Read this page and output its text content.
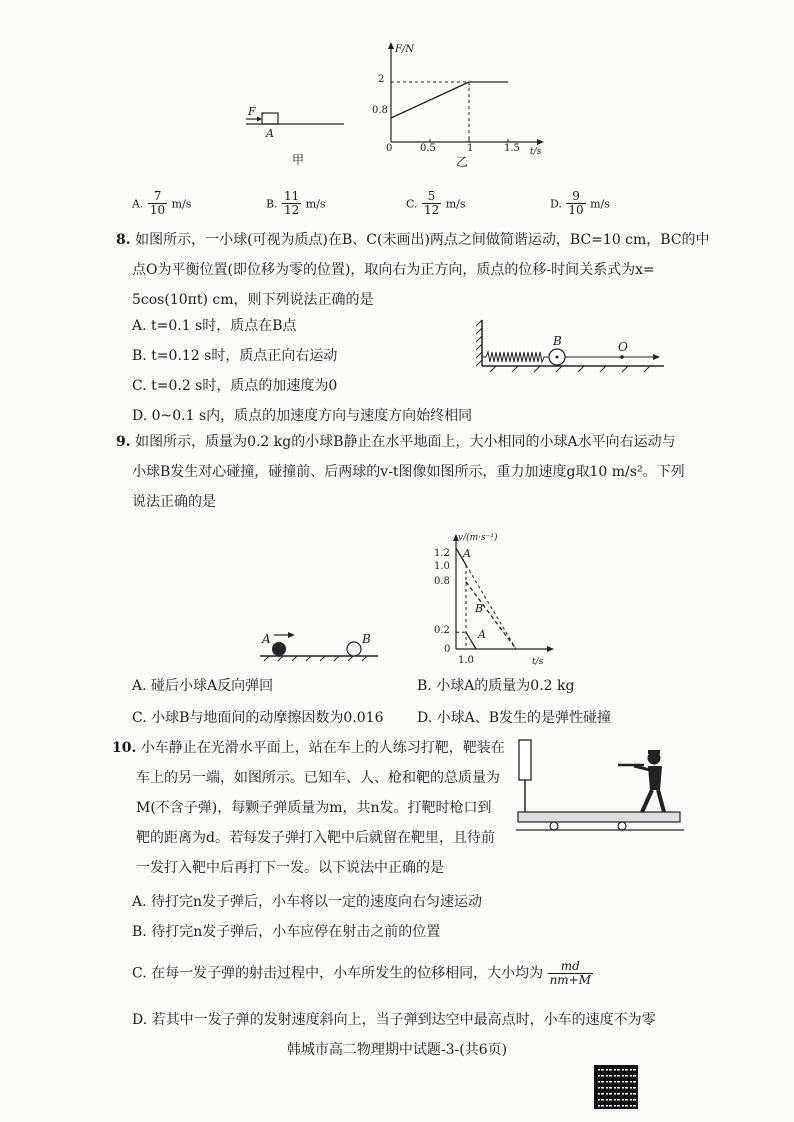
F
A
甲
F/N
t/s
0
2
0.8
0.5	1	1.5
乙
A. $\frac{7}{10} m/s$	B. $\frac{11}{12} m/s$	C. $\frac{5}{12} m/s$	D. $\frac{9}{10} m/s$
8. 如图所示，一小球(可视为质点)在B、C(未画出)两点之间做简谐运动，BC=10 cm，BC的中
点O为平衡位置(即位移为零的位置)，取向右为正方向，质点的位移-时间关系式为x=
5cos(10πt) cm，则下列说法正确的是
A. t=0.1 s时，质点在B点
B. t=0.12 s时，质点正向右运动
C. t=0.2 s时，质点的加速度为0
D. 0~0.1 s内，质点的加速度方向与速度方向始终相同
B	O
9. 如图所示，质量为0.2 kg的小球B静止在水平地面上，大小相同的小球A水平向右运动与
小球B发生对心碰撞，碰撞前、后两球的v-t图像如图所示，重力加速度g取10 m/s²。下列
说法正确的是
A	B
v/(m·s⁻¹)
t/s
0
1.2
1.0
0.8
0.2
1.0
A
B
A
A. 碰后小球A反向弹回	B. 小球A的质量为0.2 kg
C. 小球B与地面间的动摩擦因数为0.016 D. 小球A、B发生的是弹性碰撞
10. 小车静止在光滑水平面上，站在车上的人练习打靶，靶装在
车上的另一端，如图所示。已知车、人、枪和靶的总质量为
M(不含子弹)，每颗子弹质量为m，共n发。打靶时枪口到
靶的距离为d。若每发子弹打入靶中后就留在靶里，且待前
一发打入靶中后再打下一发。以下说法中正确的是
A. 待打完n发子弹后，小车将以一定的速度向右匀速运动
B. 待打完n发子弹后，小车应停在射击之前的位置
C. 在每一发子弹的射击过程中，小车所发生的位移相同，大小均为 $\frac{md}{nm+M}$
D. 若其中一发子弹的发射速度斜向上，当子弹到达空中最高点时，小车的速度不为零
韩城市高二物理期中试题-3-(共6页)
